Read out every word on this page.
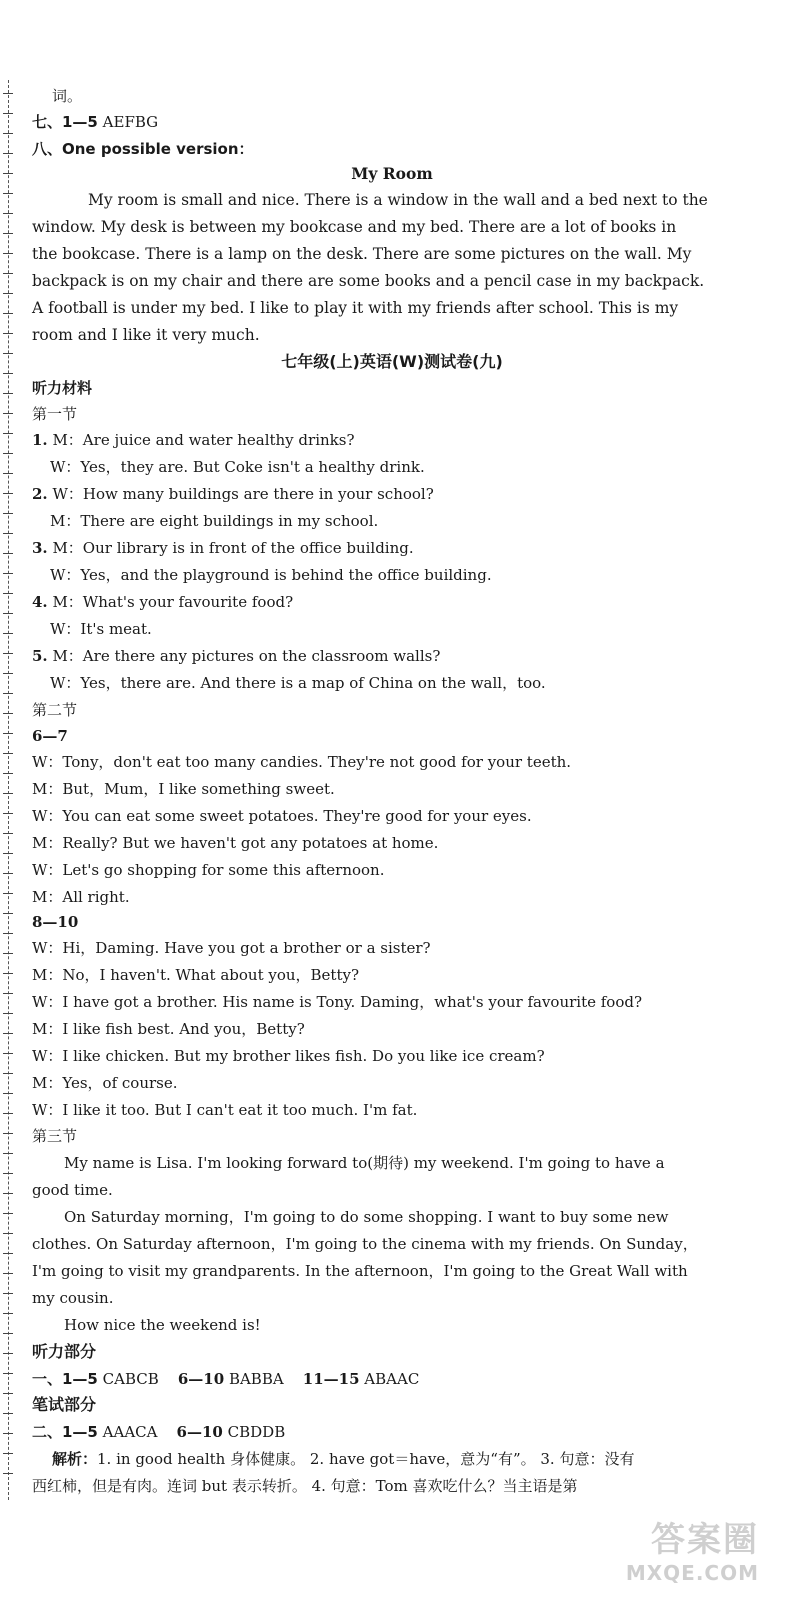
词。
七、1—5 AEFBG
八、One possible version：
My Room
My room is small and nice. There is a window in the wall and a bed next to the
window. My desk is between my bookcase and my bed. There are a lot of books in
the bookcase. There is a lamp on the desk. There are some pictures on the wall. My
backpack is on my chair and there are some books and a pencil case in my backpack.
A football is under my bed. I like to play it with my friends after school. This is my
room and I like it very much.
七年级(上)英语(W)测试卷(九)
听力材料
第一节
1. M：Are juice and water healthy drinks?
W：Yes，they are. But Coke isn't a healthy drink.
2. W：How many buildings are there in your school?
M：There are eight buildings in my school.
3. M：Our library is in front of the office building.
W：Yes，and the playground is behind the office building.
4. M：What's your favourite food?
W：It's meat.
5. M：Are there any pictures on the classroom walls?
W：Yes，there are. And there is a map of China on the wall，too.
第二节
6—7
W：Tony，don't eat too many candies. They're not good for your teeth.
M：But，Mum，I like something sweet.
W：You can eat some sweet potatoes. They're good for your eyes.
M：Really? But we haven't got any potatoes at home.
W：Let's go shopping for some this afternoon.
M：All right.
8—10
W：Hi，Daming. Have you got a brother or a sister?
M：No，I haven't. What about you，Betty?
W：I have got a brother. His name is Tony. Daming，what's your favourite food?
M：I like fish best. And you，Betty?
W：I like chicken. But my brother likes fish. Do you like ice cream?
M：Yes，of course.
W：I like it too. But I can't eat it too much. I'm fat.
第三节
My name is Lisa. I'm looking forward to(期待) my weekend. I'm going to have a
good time.
On Saturday morning，I'm going to do some shopping. I want to buy some new
clothes. On Saturday afternoon，I'm going to the cinema with my friends. On Sunday，
I'm going to visit my grandparents. In the afternoon，I'm going to the Great Wall with
my cousin.
How nice the weekend is!
听力部分
一、1—5 CABCB 6—10 BABBA 11—15 ABAAC
笔试部分
二、1—5 AAACA 6—10 CBDDB
解析：1. in good health 身体健康。 2. have got＝have，意为“有”。 3. 句意：没有
西红柿，但是有肉。连词 but 表示转折。 4. 句意：Tom 喜欢吃什么？当主语是第
答案圈
MXQE.COM
